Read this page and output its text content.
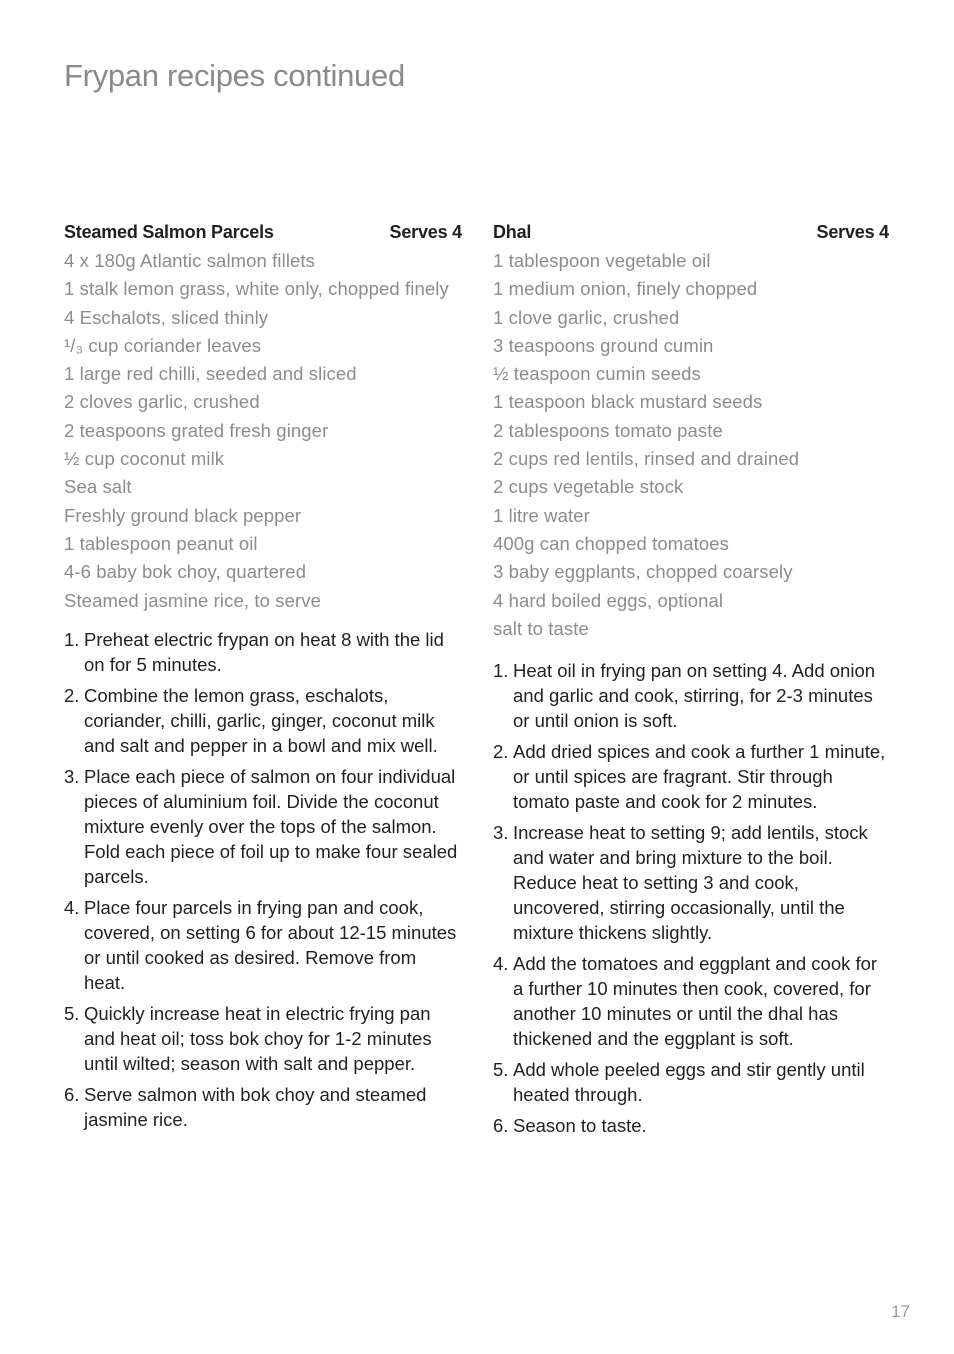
Frypan recipes continued
Steamed Salmon Parcels	Serves 4
4 x 180g Atlantic salmon fillets
1 stalk lemon grass, white only, chopped finely
4 Eschalots, sliced thinly
¹/₃ cup coriander leaves
1 large red chilli, seeded and sliced
2 cloves garlic, crushed
2 teaspoons grated fresh ginger
½ cup coconut milk
Sea salt
Freshly ground black pepper
1 tablespoon peanut oil
4-6 baby bok choy, quartered
Steamed jasmine rice, to serve
1. Preheat electric frypan on heat 8 with the lid on for 5 minutes.
2. Combine the lemon grass, eschalots, coriander, chilli, garlic, ginger, coconut milk and salt and pepper in a bowl and mix well.
3. Place each piece of salmon on four individual pieces of aluminium foil. Divide the coconut mixture evenly over the tops of the salmon. Fold each piece of foil up to make four sealed parcels.
4. Place four parcels in frying pan and cook, covered, on setting 6 for about 12-15 minutes or until cooked as desired. Remove from heat.
5. Quickly increase heat in electric frying pan and heat oil; toss bok choy for 1-2 minutes until wilted; season with salt and pepper.
6. Serve salmon with bok choy and steamed jasmine rice.
Dhal	Serves 4
1 tablespoon vegetable oil
1 medium onion, finely chopped
1 clove garlic, crushed
3 teaspoons ground cumin
½ teaspoon cumin seeds
1 teaspoon black mustard seeds
2 tablespoons tomato paste
2 cups red lentils, rinsed and drained
2 cups vegetable stock
1 litre water
400g can chopped tomatoes
3 baby eggplants, chopped coarsely
4 hard boiled eggs, optional
salt to taste
1. Heat oil in frying pan on setting 4. Add onion and garlic and cook, stirring, for 2-3 minutes or until onion is soft.
2. Add dried spices and cook a further 1 minute, or until spices are fragrant. Stir through tomato paste and cook for 2 minutes.
3. Increase heat to setting 9; add lentils, stock and water and bring mixture to the boil. Reduce heat to setting 3 and cook, uncovered, stirring occasionally, until the mixture thickens slightly.
4. Add the tomatoes and eggplant and cook for a further 10 minutes then cook, covered, for another 10 minutes or until the dhal has thickened and the eggplant is soft.
5. Add whole peeled eggs and stir gently until heated through.
6. Season to taste.
17
